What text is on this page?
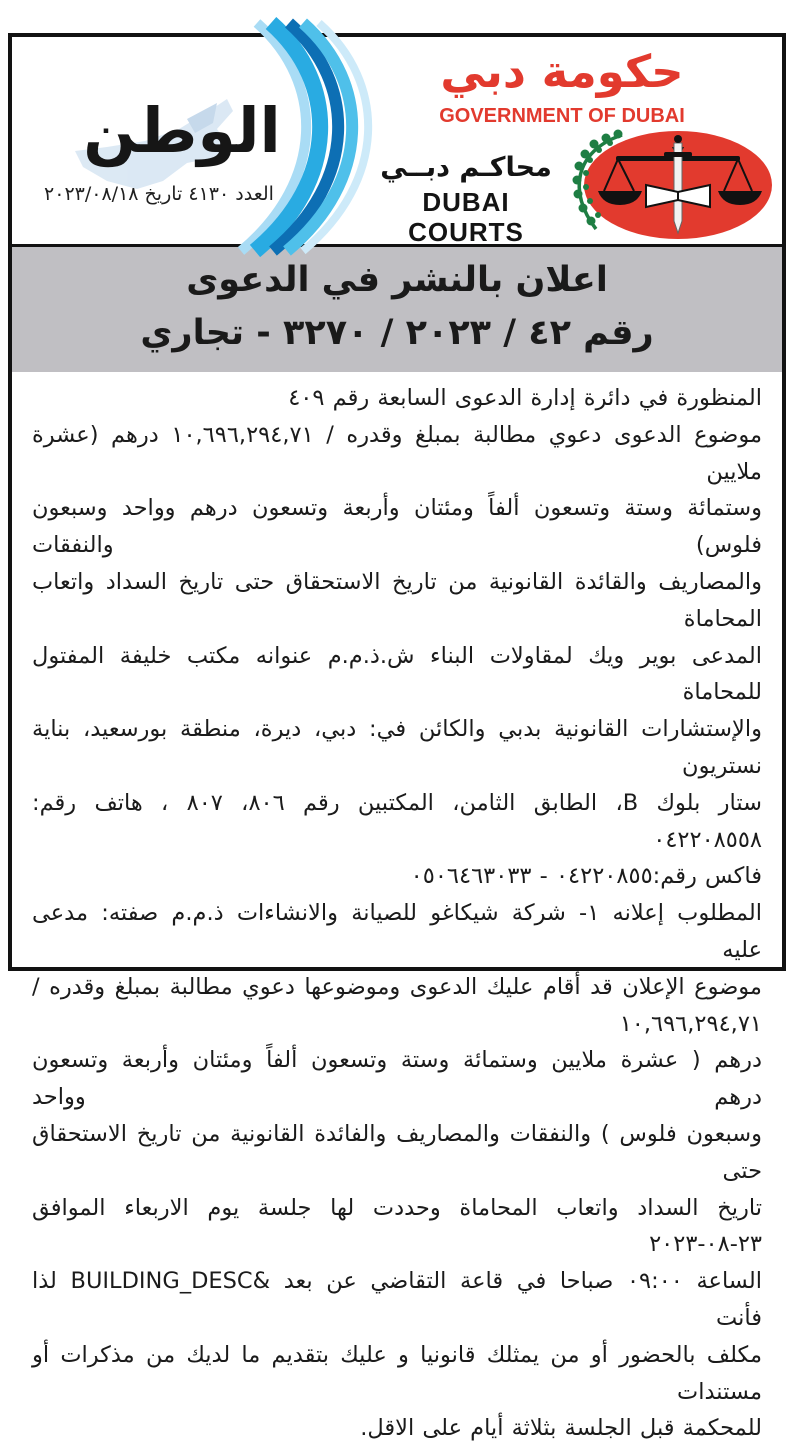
الوطن
العدد ٤١٣٠ تاريخ ٢٠٢٣/٠٨/١٨
حكومة دبي
GOVERNMENT OF DUBAI
محاكـم دبــي
DUBAI COURTS
اعلان بالنشر في الدعوى
رقم ٤٢ / ٢٠٢٣ / ٣٢٧٠ - تجاري
المنظورة في دائرة إدارة الدعوى السابعة رقم ٤٠٩
موضوع الدعوى دعوي مطالبة بمبلغ وقدره / ١٠,٦٩٦,٢٩٤,٧١ درهم (عشرة ملايين
وستمائة وستة وتسعون ألفاً ومئتان وأربعة وتسعون درهم وواحد وسبعون فلوس) والنفقات
والمصاريف والقائدة القانونية من تاريخ الاستحقاق حتى تاريخ السداد واتعاب المحاماة
المدعى بوير ويك لمقاولات البناء ش.ذ.م.م عنوانه مكتب خليفة المفتول للمحاماة
والإستشارات القانونية بدبي والكائن في: دبي، ديرة، منطقة بورسعيد، بناية نستريون
ستار بلوك B، الطابق الثامن، المكتبين رقم ٨٠٦، ٨٠٧ ، هاتف رقم: ٠٤٢٢٠٨٥٥٨
فاكس رقم:٠٤٢٢٠٨٥٥ - ٠٥٠٦٤٦٣٠٣٣
المطلوب إعلانه ١- شركة شيكاغو للصيانة والانشاءات ذ.م.م صفته: مدعى عليه
موضوع الإعلان قد أقام عليك الدعوى وموضوعها دعوي مطالبة بمبلغ وقدره / ١٠,٦٩٦,٢٩٤,٧١
درهم ( عشرة ملايين وستمائة وستة وتسعون ألفاً ومئتان وأربعة وتسعون درهم وواحد
وسبعون فلوس ) والنفقات والمصاريف والفائدة القانونية من تاريخ الاستحقاق حتى
تاريخ السداد واتعاب المحاماة وحددت لها جلسة يوم الاربعاء الموافق ٢٣-٠٨-٢٠٢٣
الساعة ٠٩:٠٠ صباحا في قاعة التقاضي عن بعد &BUILDING_DESC لذا فأنت
مكلف بالحضور أو من يمثلك قانونيا و عليك بتقديم ما لديك من مذكرات أو مستندات
للمحكمة قبل الجلسة بثلاثة أيام على الاقل.
